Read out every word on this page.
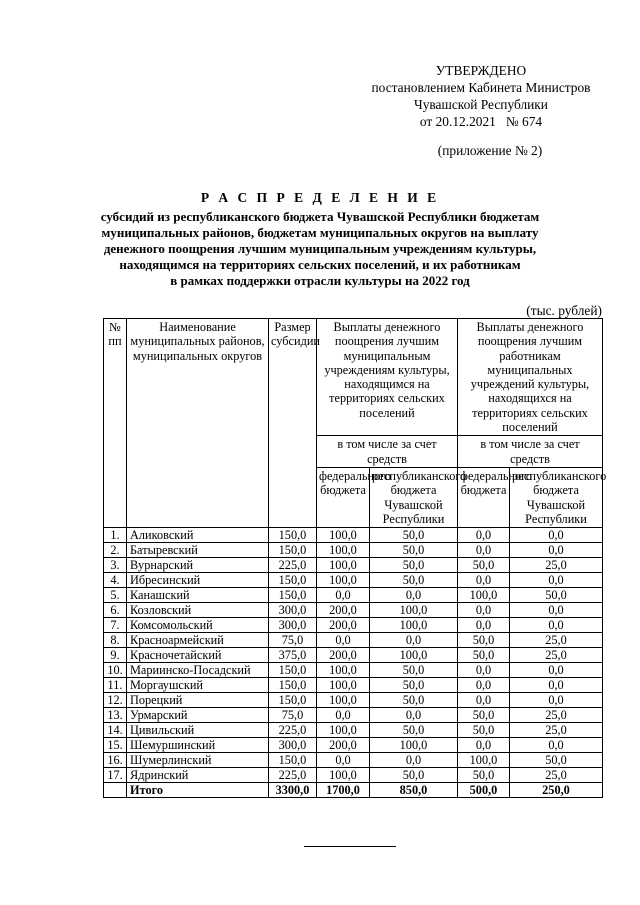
УТВЕРЖДЕНО
постановлением Кабинета Министров
Чувашской Республики
от 20.12.2021   № 674
(приложение № 2)
Р А С П Р Е Д Е Л Е Н И Е
субсидий из республиканского бюджета Чувашской Республики бюджетам
муниципальных районов, бюджетам муниципальных округов на выплату
денежного поощрения лучшим муниципальным учреждениям культуры,
находящимся на территориях сельских поселений, и их работникам
в рамках поддержки отрасли культуры на 2022 год
(тыс. рублей)
№ пп	Наименование муниципальных районов, муниципальных округов	Размер субсидии	Выплаты денежного поощрения лучшим муниципальным учреждениям культуры, находящимся на территориях сельских поселений		Выплаты денежного поощрения лучшим работникам муниципальных учреждений культуры, находящихся на территориях сельских поселений	
			в том числе за счет средств		в том числе за счет средств	
			федерального бюджета	республиканского бюджета Чувашской Республики	федерального бюджета	республиканского бюджета Чувашской Республики
1.	Аликовский	150,0	100,0	50,0	0,0	0,0
2.	Батыревский	150,0	100,0	50,0	0,0	0,0
3.	Вурнарский	225,0	100,0	50,0	50,0	25,0
4.	Ибресинский	150,0	100,0	50,0	0,0	0,0
5.	Канашский	150,0	0,0	0,0	100,0	50,0
6.	Козловский	300,0	200,0	100,0	0,0	0,0
7.	Комсомольский	300,0	200,0	100,0	0,0	0,0
8.	Красноармейский	75,0	0,0	0,0	50,0	25,0
9.	Красночетайский	375,0	200,0	100,0	50,0	25,0
10.	Мариинско-Посадский	150,0	100,0	50,0	0,0	0,0
11.	Моргаушский	150,0	100,0	50,0	0,0	0,0
12.	Порецкий	150,0	100,0	50,0	0,0	0,0
13.	Урмарский	75,0	0,0	0,0	50,0	25,0
14.	Цивильский	225,0	100,0	50,0	50,0	25,0
15.	Шемуршинский	300,0	200,0	100,0	0,0	0,0
16.	Шумерлинский	150,0	0,0	0,0	100,0	50,0
17.	Ядринский	225,0	100,0	50,0	50,0	25,0
	Итого	3300,0	1700,0	850,0	500,0	250,0
